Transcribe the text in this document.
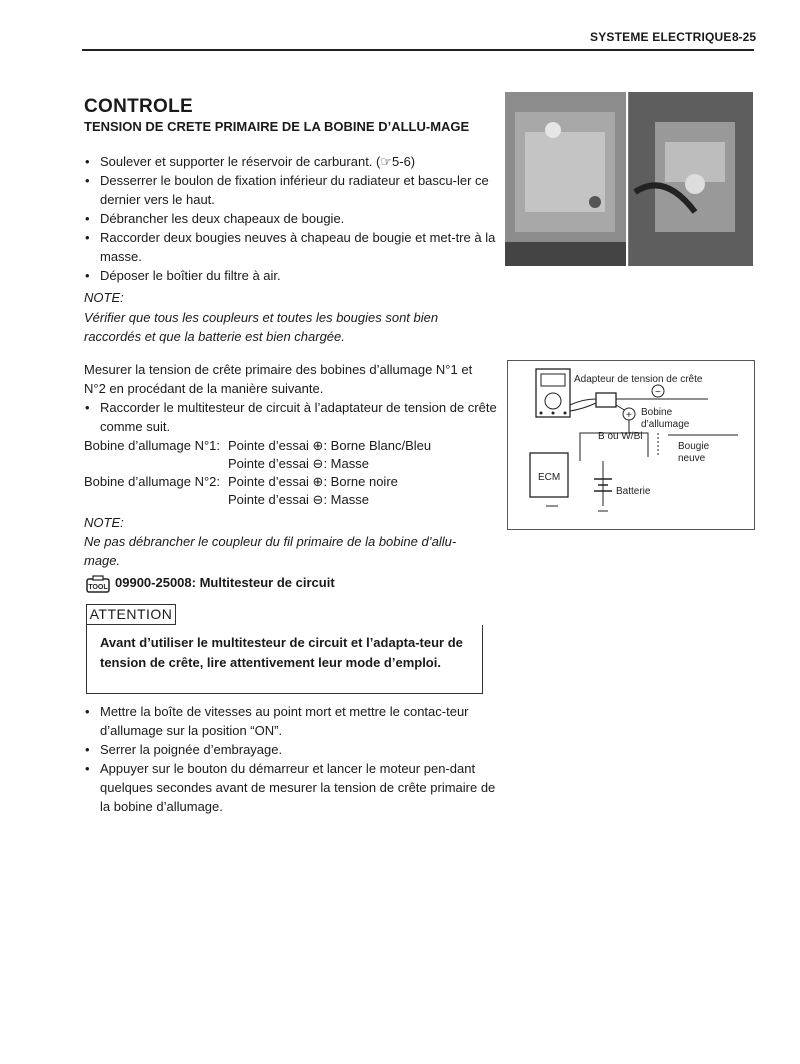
SYSTEME ELECTRIQUE 8-25
CONTROLE
TENSION DE CRETE PRIMAIRE DE LA BOBINE D’ALLU-MAGE
• Soulever et supporter le réservoir de carburant. (☞5-6)
• Desserrer le boulon de fixation inférieur du radiateur et bascu-ler ce dernier vers le haut.
• Débrancher les deux chapeaux de bougie.
• Raccorder deux bougies neuves à chapeau de bougie et met-tre à la masse.
• Déposer le boîtier du filtre à air.
NOTE:
Vérifier que tous les coupleurs et toutes les bougies sont bien raccordés et que la batterie est bien chargée.
Mesurer la tension de crête primaire des bobines d’allumage N°1 et N°2 en procédant de la manière suivante.
• Raccorder le multitesteur de circuit à l’adaptateur de tension de crête comme suit.
Bobine d’allumage N°1: Pointe d’essai ⊕: Borne Blanc/Bleu
Pointe d’essai ⊖: Masse
Bobine d’allumage N°2: Pointe d’essai ⊕: Borne noire
Pointe d’essai ⊖: Masse
NOTE:
Ne pas débrancher le coupleur du fil primaire de la bobine d’allu-mage.
TOOL 09900-25008: Multitesteur de circuit
ATTENTION
Avant d’utiliser le multitesteur de circuit et l’adapta-teur de tension de crête, lire attentivement leur mode d’emploi.
• Mettre la boîte de vitesses au point mort et mettre le contac-teur d’allumage sur la position “ON”.
• Serrer la poignée d’embrayage.
• Appuyer sur le bouton du démarreur et lancer le moteur pen-dant quelques secondes avant de mesurer la tension de crête primaire de la bobine d’allumage.
Adapteur de tension de crête
−
+ Bobine
d’allumage
B ou W/Bl
Bougie
neuve
ECM
Batterie
